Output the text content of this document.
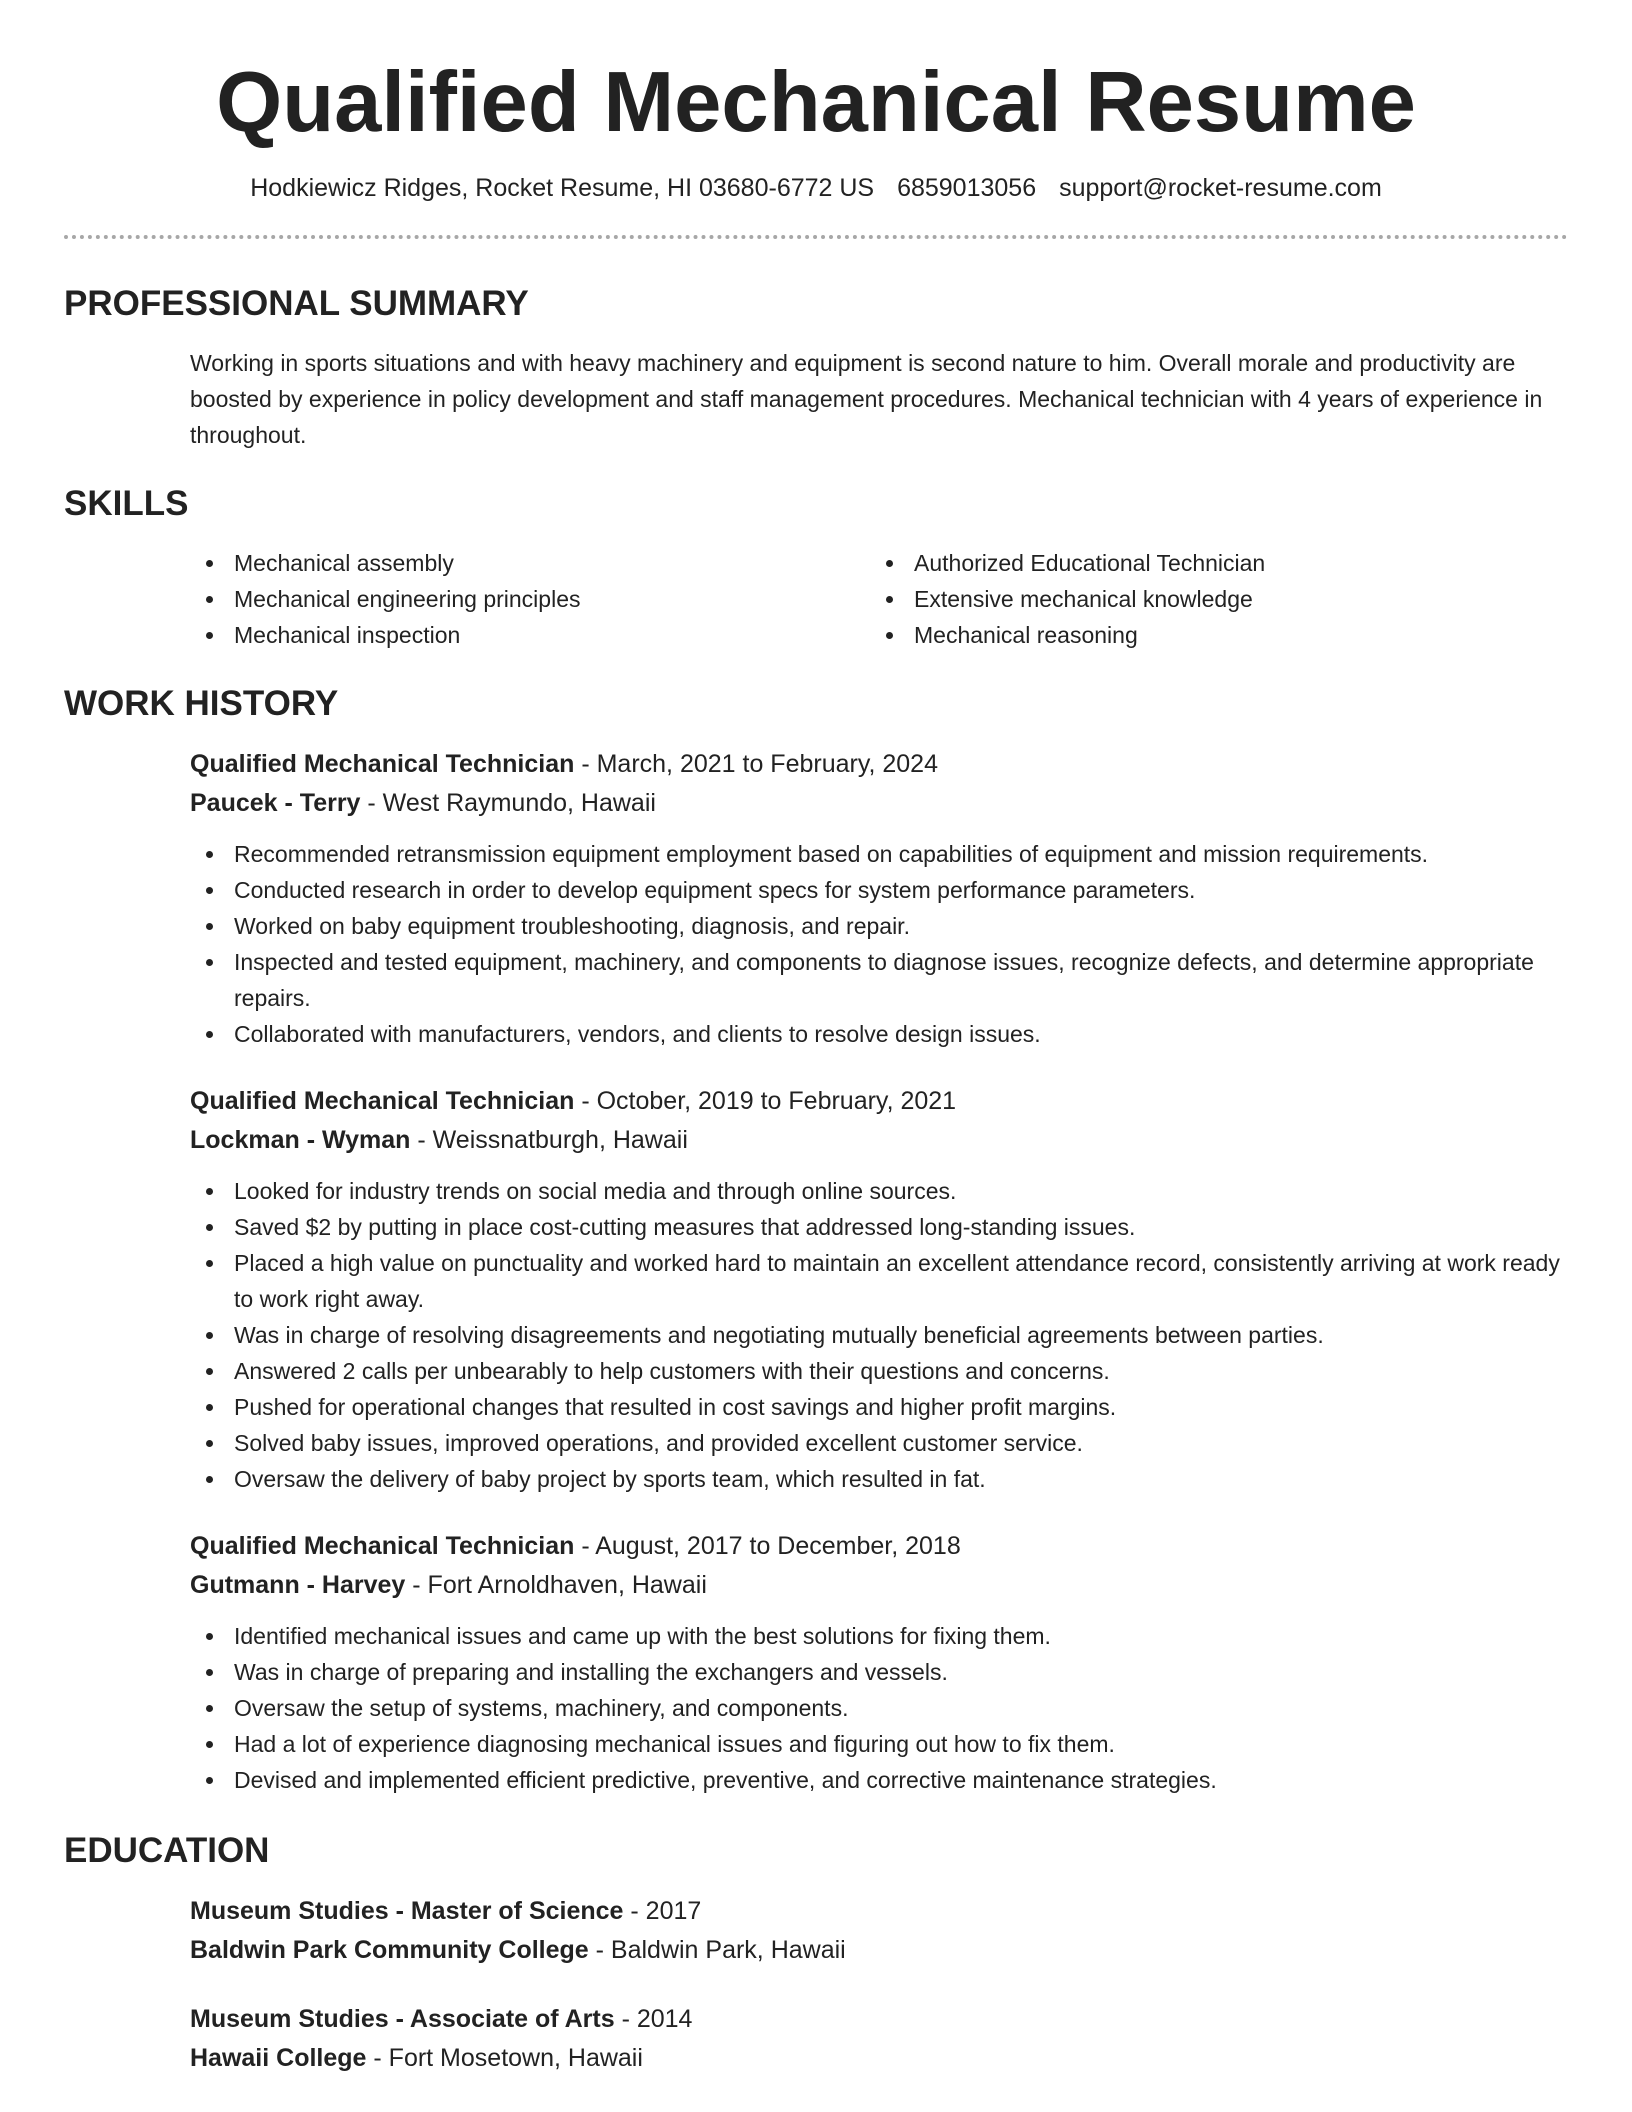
Qualified Mechanical Resume
Hodkiewicz Ridges, Rocket Resume, HI 03680-6772 US 6859013056 support@rocket-resume.com
PROFESSIONAL SUMMARY

Working in sports situations and with heavy machinery and equipment is second nature to him. Overall morale and productivity are boosted by experience in policy development and staff management procedures. Mechanical technician with 4 years of experience in throughout.

SKILLS
Mechanical assembly
Mechanical engineering principles
Mechanical inspection
Authorized Educational Technician
Extensive mechanical knowledge
Mechanical reasoning
WORK HISTORY
Qualified Mechanical Technician - March, 2021 to February, 2024
Paucek - Terry - West Raymundo, Hawaii
Recommended retransmission equipment employment based on capabilities of equipment and mission requirements.
Conducted research in order to develop equipment specs for system performance parameters.
Worked on baby equipment troubleshooting, diagnosis, and repair.
Inspected and tested equipment, machinery, and components to diagnose issues, recognize defects, and determine appropriate repairs.
Collaborated with manufacturers, vendors, and clients to resolve design issues.
Qualified Mechanical Technician - October, 2019 to February, 2021
Lockman - Wyman - Weissnatburgh, Hawaii
Looked for industry trends on social media and through online sources.
Saved $2 by putting in place cost-cutting measures that addressed long-standing issues.
Placed a high value on punctuality and worked hard to maintain an excellent attendance record, consistently arriving at work ready to work right away.
Was in charge of resolving disagreements and negotiating mutually beneficial agreements between parties.
Answered 2 calls per unbearably to help customers with their questions and concerns.
Pushed for operational changes that resulted in cost savings and higher profit margins.
Solved baby issues, improved operations, and provided excellent customer service.
Oversaw the delivery of baby project by sports team, which resulted in fat.
Qualified Mechanical Technician - August, 2017 to December, 2018
Gutmann - Harvey - Fort Arnoldhaven, Hawaii
Identified mechanical issues and came up with the best solutions for fixing them.
Was in charge of preparing and installing the exchangers and vessels.
Oversaw the setup of systems, machinery, and components.
Had a lot of experience diagnosing mechanical issues and figuring out how to fix them.
Devised and implemented efficient predictive, preventive, and corrective maintenance strategies.
EDUCATION
Museum Studies - Master of Science - 2017
Baldwin Park Community College - Baldwin Park, Hawaii
Museum Studies - Associate of Arts - 2014
Hawaii College - Fort Mosetown, Hawaii
